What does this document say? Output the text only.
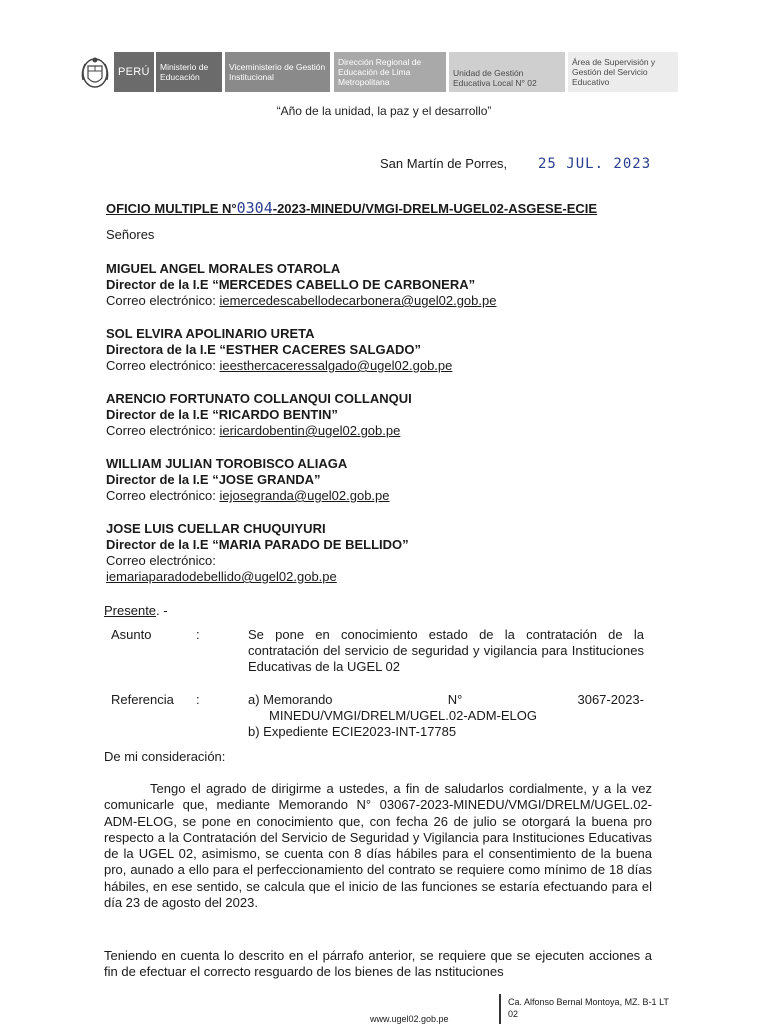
PERÚ	Ministerio de Educación
Viceministerio de Gestión Institucional
Dirección Regional de Educación de Lima Metropolitana
Unidad de Gestión Educativa Local N° 02
Área de Supervisión y Gestión del Servicio Educativo
“Año de la unidad, la paz y el desarrollo”
San Martín de Porres, 25 JUL. 2023
OFICIO MULTIPLE N°0304-2023-MINEDU/VMGI-DRELM-UGEL02-ASGESE-ECIE
Señores
MIGUEL ANGEL MORALES OTAROLA
Director de la I.E “MERCEDES CABELLO DE CARBONERA”
Correo electrónico: iemercedescabellodecarbonera@ugel02.gob.pe
SOL ELVIRA APOLINARIO URETA
Directora de la I.E “ESTHER CACERES SALGADO”
Correo electrónico: ieesthercaceressalgado@ugel02.gob.pe
ARENCIO FORTUNATO COLLANQUI COLLANQUI
Director de la I.E “RICARDO BENTIN”
Correo electrónico: iericardobentin@ugel02.gob.pe
WILLIAM JULIAN TOROBISCO ALIAGA
Director de la I.E “JOSE GRANDA”
Correo electrónico: iejosegranda@ugel02.gob.pe
JOSE LUIS CUELLAR CHUQUIYURI
Director de la I.E “MARIA PARADO DE BELLIDO”
Correo electrónico:
iemariaparadodebellido@ugel02.gob.pe
Presente. -
Asunto	:	Se pone en conocimiento estado de la contratación de la contratación del servicio de seguridad y vigilancia para Instituciones Educativas de la UGEL 02
Referencia :	a) Memorando	N°	3067-2023-
MINEDU/VMGI/DRELM/UGEL.02-ADM-ELOG
b) Expediente ECIE2023-INT-17785
De mi consideración:
Tengo el agrado de dirigirme a ustedes, a fin de saludarlos cordialmente, y a la vez comunicarle que, mediante Memorando N° 03067-2023-MINEDU/VMGI/DRELM/UGEL.02-ADM-ELOG, se pone en conocimiento que, con fecha 26 de julio se otorgará la buena pro respecto a la Contratación del Servicio de Seguridad y Vigilancia para Instituciones Educativas de la UGEL 02, asimismo, se cuenta con 8 días hábiles para el consentimiento de la buena pro, aunado a ello para el perfeccionamiento del contrato se requiere como mínimo de 18 días hábiles, en ese sentido, se calcula que el inicio de las funciones se estaría efectuando para el día 23 de agosto del 2023.
Teniendo en cuenta lo descrito en el párrafo anterior, se requiere que se ejecuten acciones a fin de efectuar el correcto resguardo de los bienes de las nstituciones
www.ugel02.gob.pe
Ca. Alfonso Bernal Montoya, MZ. B-1 LT
02
